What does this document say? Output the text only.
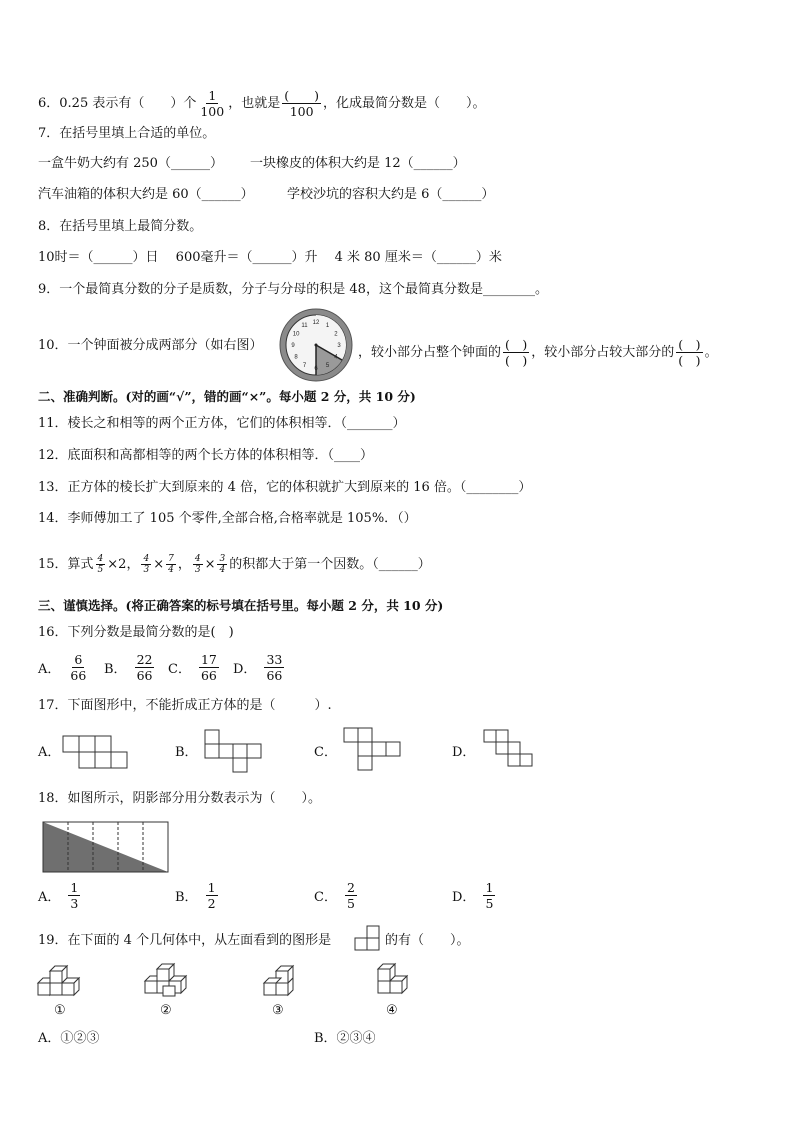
6．0.25 表示有（　　）个 $\frac{1}{100}$ ，也就是 $\frac{( )}{100}$ ，化成最简分数是（　　）。
7．在括号里填上合适的单位。
一盒牛奶大约有 250（______） 一块橡皮的体积大约是 12（______）
汽车油箱的体积大约是 60（______）	学校沙坑的容积大约是 6（______）
8．在括号里填上最简分数。
10时＝（______）日　 600毫升＝（______）升　 4 米 80 厘米＝（______）米
9．一个最简真分数的分子是质数，分子与分母的积是 48，这个最简真分数是________。
10．一个钟面被分成两部分（如右图）
12
1
2
3
4
5
6
7
8
9
10
11
，较小部分占整个钟面的 $\frac{( )}{( )}$ ，较小部分占较大部分的 $\frac{( )}{( )}$ 。
二、准确判断。(对的画“√”，错的画“×”。每小题 2 分，共 10 分)
11．棱长之和相等的两个正方体，它们的体积相等．（_______）
12．底面积和高都相等的两个长方体的体积相等．（____）
13．正方体的棱长扩大到原来的 4 倍，它的体积就扩大到原来的 16 倍。（________）
14．李师傅加工了 105 个零件,全部合格,合格率就是 105%．（）
15．算式 $\frac{4}{5} \times 2$， $\frac{4}{3} \times \frac{7}{4}$ ， $\frac{4}{3} \times \frac{3}{4}$ 的积都大于第一个因数。（______）
三、谨慎选择。(将正确答案的标号填在括号里。每小题 2 分，共 10 分)
16．下列分数是最简分数的是(　)
A． $\frac{6}{66}$ B． $\frac{22}{66}$ C． $\frac{17}{66}$ D． $\frac{33}{66}$
17．下面图形中，不能折成正方体的是（　　　）.
A．	B．	C．	D．
18．如图所示，阴影部分用分数表示为（　　）。
A． $\frac{1}{3}$	B． $\frac{1}{2}$	C． $\frac{2}{5}$	D． $\frac{1}{5}$
19．在下面的 4 个几何体中，从左面看到的图形是	的有（　　）。
①	②	③	④
A．①②③	B．②③④
